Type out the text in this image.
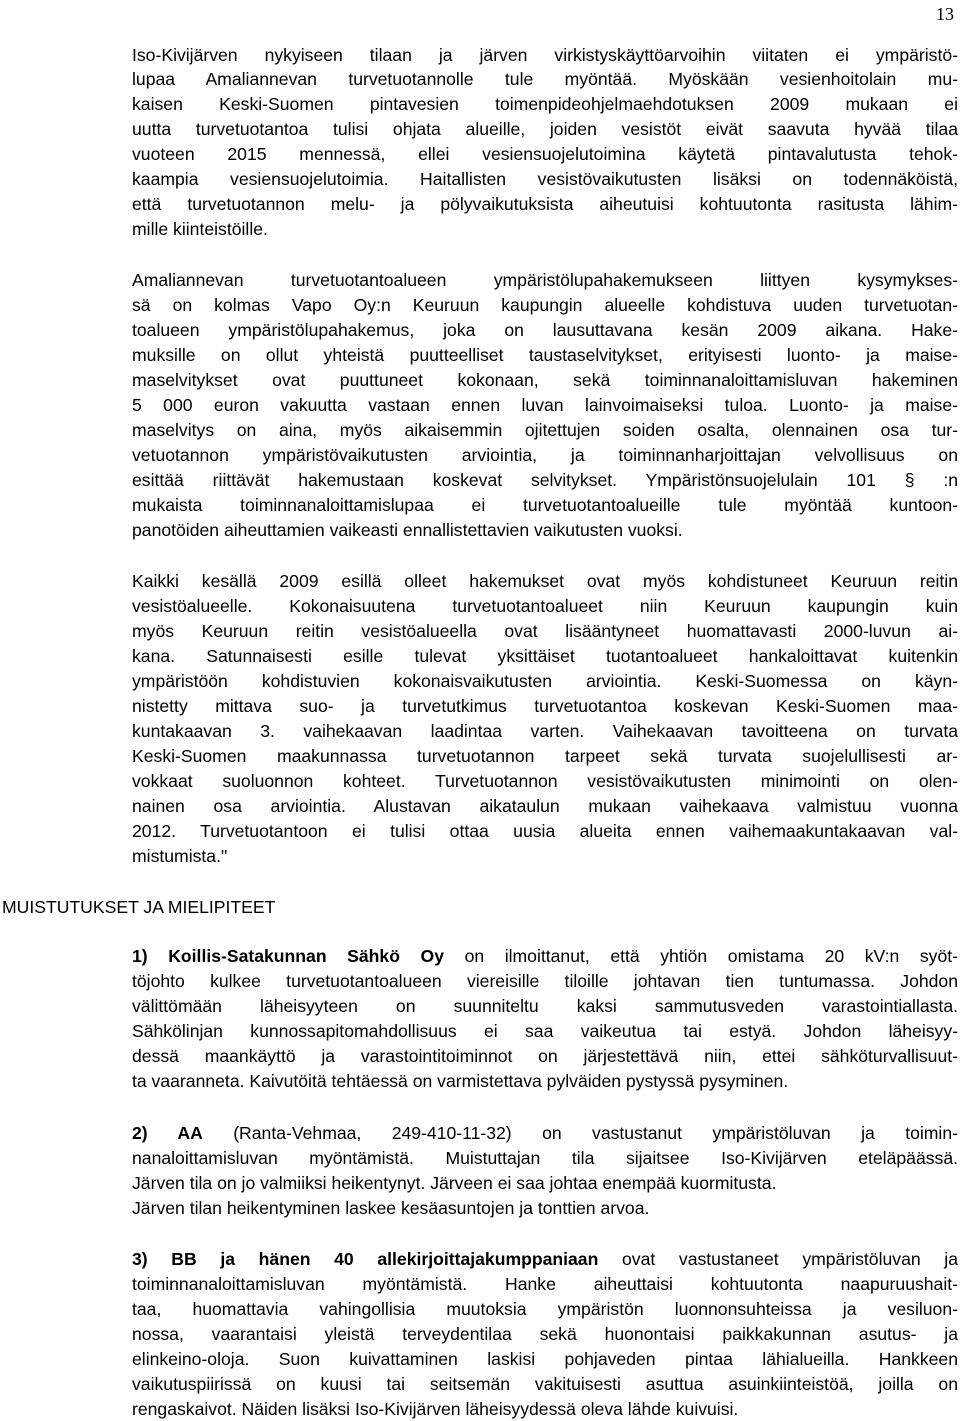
13
Iso-Kivijärven nykyiseen tilaan ja järven virkistyskäyttöarvoihin viitaten ei ympäristö-
lupaa Amaliannevan turvetuotannolle tule myöntää. Myöskään vesienhoitolain mu-
kaisen Keski-Suomen pintavesien toimenpideohjelmaehdotuksen 2009 mukaan ei
uutta turvetuotantoa tulisi ohjata alueille, joiden vesistöt eivät saavuta hyvää tilaa
vuoteen 2015 mennessä, ellei vesiensuojelutoimina käytetä pintavalutusta tehok-
kaampia vesiensuojelutoimia. Haitallisten vesistövaikutusten lisäksi on todennäköistä,
että turvetuotannon melu- ja pölyvaikutuksista aiheutuisi kohtuutonta rasitusta lähim-
mille kiinteistöille.
Amaliannevan turvetuotantoalueen ympäristölupahakemukseen liittyen kysymykses-
sä on kolmas Vapo Oy:n Keuruun kaupungin alueelle kohdistuva uuden turvetuotan-
toalueen ympäristölupahakemus, joka on lausuttavana kesän 2009 aikana. Hake-
muksille on ollut yhteistä puutteelliset taustaselvitykset, erityisesti luonto- ja maise-
maselvitykset ovat puuttuneet kokonaan, sekä toiminnanaloittamisluvan hakeminen
5 000 euron vakuutta vastaan ennen luvan lainvoimaiseksi tuloa. Luonto- ja maise-
maselvitys on aina, myös aikaisemmin ojitettujen soiden osalta, olennainen osa tur-
vetuotannon ympäristövaikutusten arviointia, ja toiminnanharjoittajan velvollisuus on
esittää riittävät hakemustaan koskevat selvitykset. Ympäristönsuojelulain 101 § :n
mukaista toiminnanaloittamislupaa ei turvetuotantoalueille tule myöntää kuntoon-
panotöiden aiheuttamien vaikeasti ennallistettavien vaikutusten vuoksi.
Kaikki kesällä 2009 esillä olleet hakemukset ovat myös kohdistuneet Keuruun reitin
vesistöalueelle. Kokonaisuutena turvetuotantoalueet niin Keuruun kaupungin kuin
myös Keuruun reitin vesistöalueella ovat lisääntyneet huomattavasti 2000-luvun ai-
kana. Satunnaisesti esille tulevat yksittäiset tuotantoalueet hankaloittavat kuitenkin
ympäristöön kohdistuvien kokonaisvaikutusten arviointia. Keski-Suomessa on käyn-
nistetty mittava suo- ja turvetutkimus turvetuotantoa koskevan Keski-Suomen maa-
kuntakaavan 3. vaihekaavan laadintaa varten. Vaihekaavan tavoitteena on turvata
Keski-Suomen maakunnassa turvetuotannon tarpeet sekä turvata suojelullisesti ar-
vokkaat suoluonnon kohteet. Turvetuotannon vesistövaikutusten minimointi on olen-
nainen osa arviointia. Alustavan aikataulun mukaan vaihekaava valmistuu vuonna
2012. Turvetuotantoon ei tulisi ottaa uusia alueita ennen vaihemaakuntakaavan val-
mistumista."
MUISTUTUKSET JA MIELIPITEET
1) Koillis-Satakunnan Sähkö Oy on ilmoittanut, että yhtiön omistama 20 kV:n syöt-
töjohto kulkee turvetuotantoalueen viereisille tiloille johtavan tien tuntumassa. Johdon
välittömään läheisyyteen on suunniteltu kaksi sammutusveden varastointiallasta.
Sähkölinjan kunnossapitomahdollisuus ei saa vaikeutua tai estyä. Johdon läheisyy-
dessä maankäyttö ja varastointitoiminnot on järjestettävä niin, ettei sähköturvallisuut-
ta vaaranneta. Kaivutöitä tehtäessä on varmistettava pylväiden pystyssä pysyminen.
2) AA (Ranta-Vehmaa, 249-410-11-32) on vastustanut ympäristöluvan ja toimin-
nanaloittamisluvan myöntämistä. Muistuttajan tila sijaitsee Iso-Kivijärven eteläpäässä.
Järven tila on jo valmiiksi heikentynyt. Järveen ei saa johtaa enempää kuormitusta.
Järven tilan heikentyminen laskee kesäasuntojen ja tonttien arvoa.
3) BB ja hänen 40 allekirjoittajakumppaniaan ovat vastustaneet ympäristöluvan ja
toiminnanaloittamisluvan myöntämistä. Hanke aiheuttaisi kohtuutonta naapuruushait-
taa, huomattavia vahingollisia muutoksia ympäristön luonnonsuhteissa ja vesiluon-
nossa, vaarantaisi yleistä terveydentilaa sekä huonontaisi paikkakunnan asutus- ja
elinkeino-oloja. Suon kuivattaminen laskisi pohjaveden pintaa lähialueilla. Hankkeen
vaikutuspiirissä on kuusi tai seitsemän vakituisesti asuttua asuinkiinteistöä, joilla on
rengaskaivot. Näiden lisäksi Iso-Kivijärven läheisyydessä oleva lähde kuivuisi.
